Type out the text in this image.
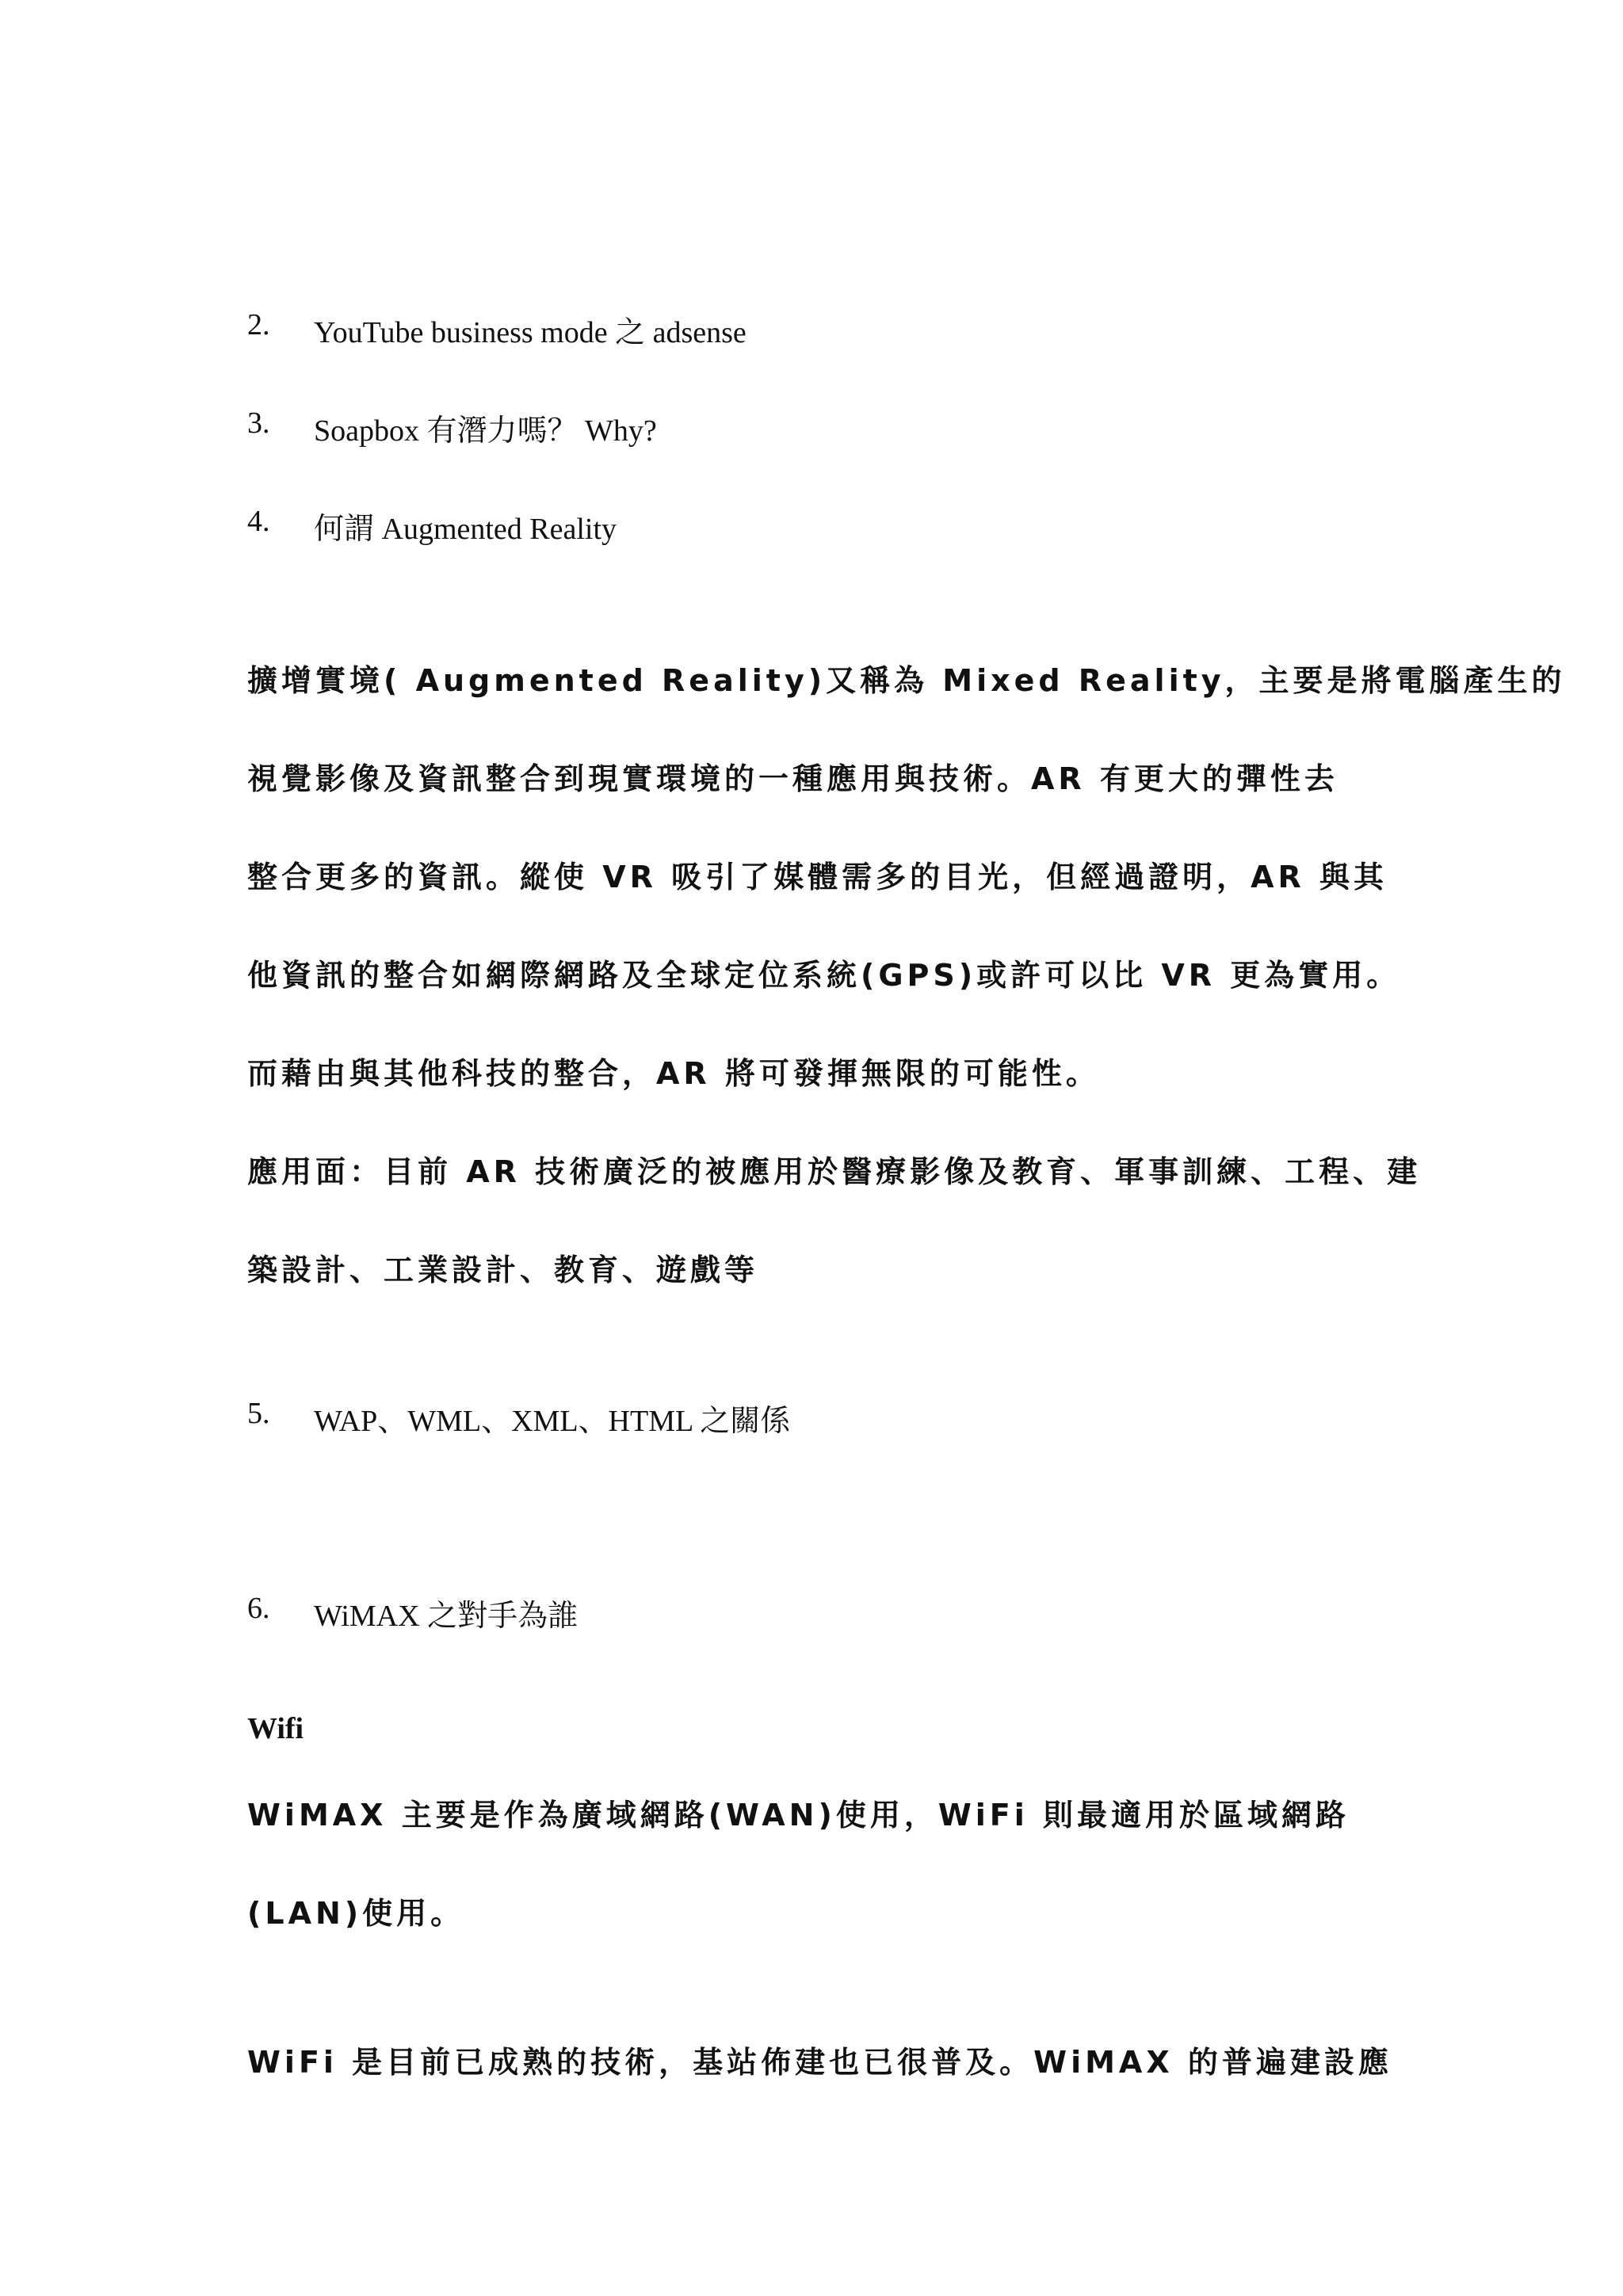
2. YouTube business mode 之 adsense
3. Soapbox 有潛力嗎？ Why?
4. 何謂 Augmented Reality
擴增實境( Augmented Reality)又稱為 Mixed Reality，主要是將電腦產生的
視覺影像及資訊整合到現實環境的一種應用與技術。AR 有更大的彈性去
整合更多的資訊。縱使 VR 吸引了媒體需多的目光，但經過證明，AR 與其
他資訊的整合如網際網路及全球定位系統(GPS)或許可以比 VR 更為實用。
而藉由與其他科技的整合，AR 將可發揮無限的可能性。
應用面：目前 AR 技術廣泛的被應用於醫療影像及教育、軍事訓練、工程、建
築設計、工業設計、教育、遊戲等
5. WAP、WML、XML、HTML 之關係
6. WiMAX 之對手為誰
Wifi
WiMAX 主要是作為廣域網路(WAN)使用，WiFi 則最適用於區域網路
(LAN)使用。
WiFi 是目前已成熟的技術，基站佈建也已很普及。WiMAX 的普遍建設應
